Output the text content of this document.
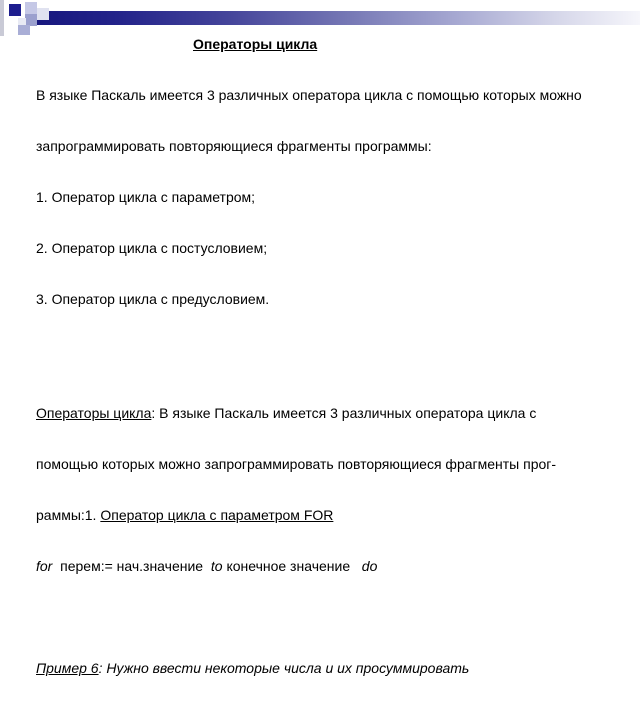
Операторы цикла

В языке Паскаль имеется 3 различных оператора цикла с помощью которых можно

запрограммировать повторяющиеся фрагменты программы:

1. Оператор цикла с параметром;

2. Оператор цикла с постусловием;

3. Оператор цикла с предусловием.

Операторы цикла: В языке Паскаль имеется 3 различных оператора цикла с

помощью которых можно запрограммировать повторяющиеся фрагменты прог-

раммы:1. Оператор цикла с параметром FOR

for  перем:= нач.значение  to конечное значение   do

Пример 6: Нужно ввести некоторые числа и их просуммировать
